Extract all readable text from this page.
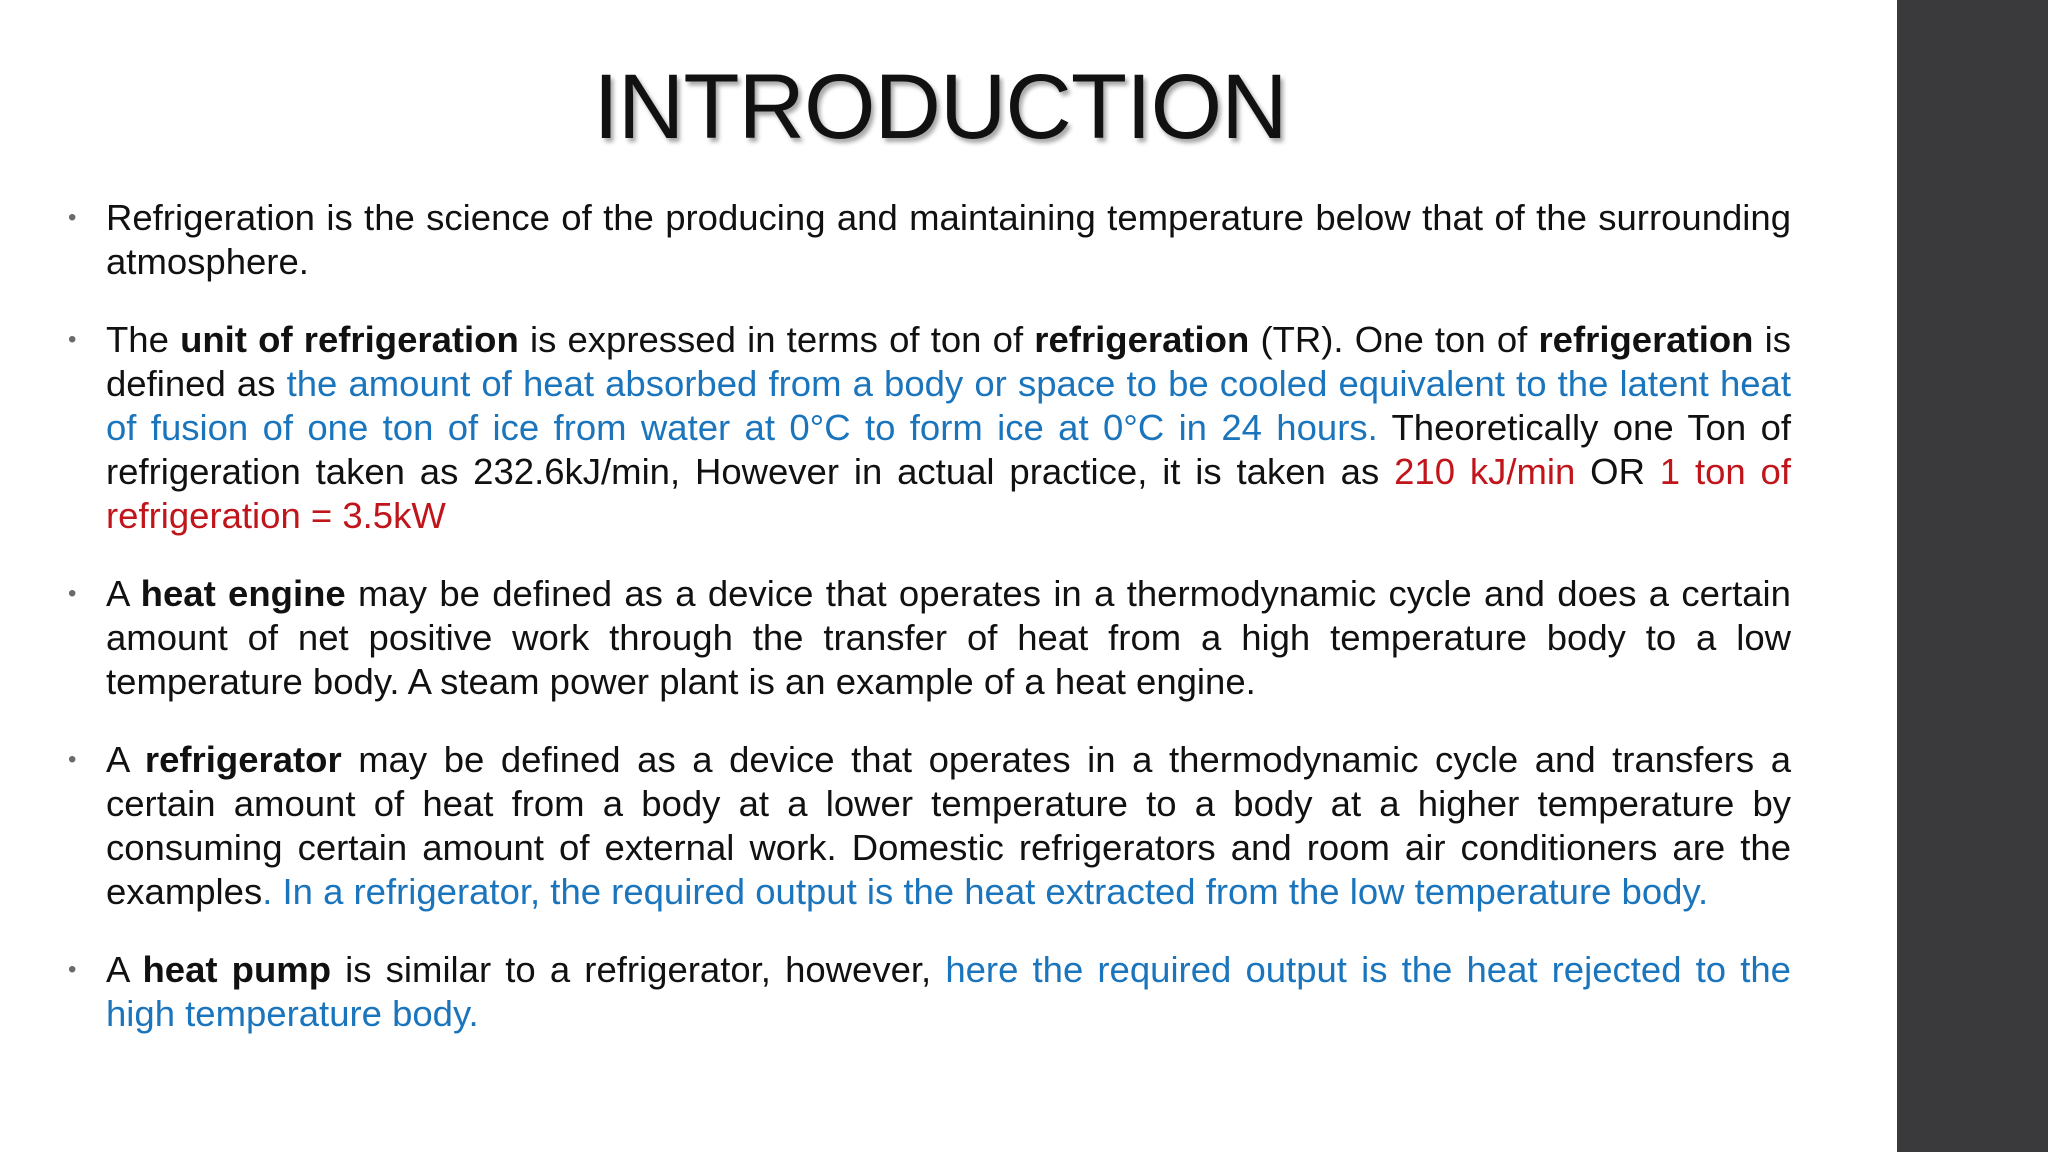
INTRODUCTION
• Refrigeration is the science of the producing and maintaining temperature below that of the surrounding atmosphere.
• The unit of refrigeration is expressed in terms of ton of refrigeration (TR). One ton of refrigeration is defined as the amount of heat absorbed from a body or space to be cooled equivalent to the latent heat of fusion of one ton of ice from water at 0°C to form ice at 0°C in 24 hours. Theoretically one Ton of refrigeration taken as 232.6kJ/min, However in actual practice, it is taken as 210 kJ/min OR 1 ton of refrigeration = 3.5kW
• A heat engine may be defined as a device that operates in a thermodynamic cycle and does a certain amount of net positive work through the transfer of heat from a high temperature body to a low temperature body. A steam power plant is an example of a heat engine.
• A refrigerator may be defined as a device that operates in a thermodynamic cycle and transfers a certain amount of heat from a body at a lower temperature to a body at a higher temperature by consuming certain amount of external work. Domestic refrigerators and room air conditioners are the examples. In a refrigerator, the required output is the heat extracted from the low temperature body.
• A heat pump is similar to a refrigerator, however, here the required output is the heat rejected to the high temperature body.
